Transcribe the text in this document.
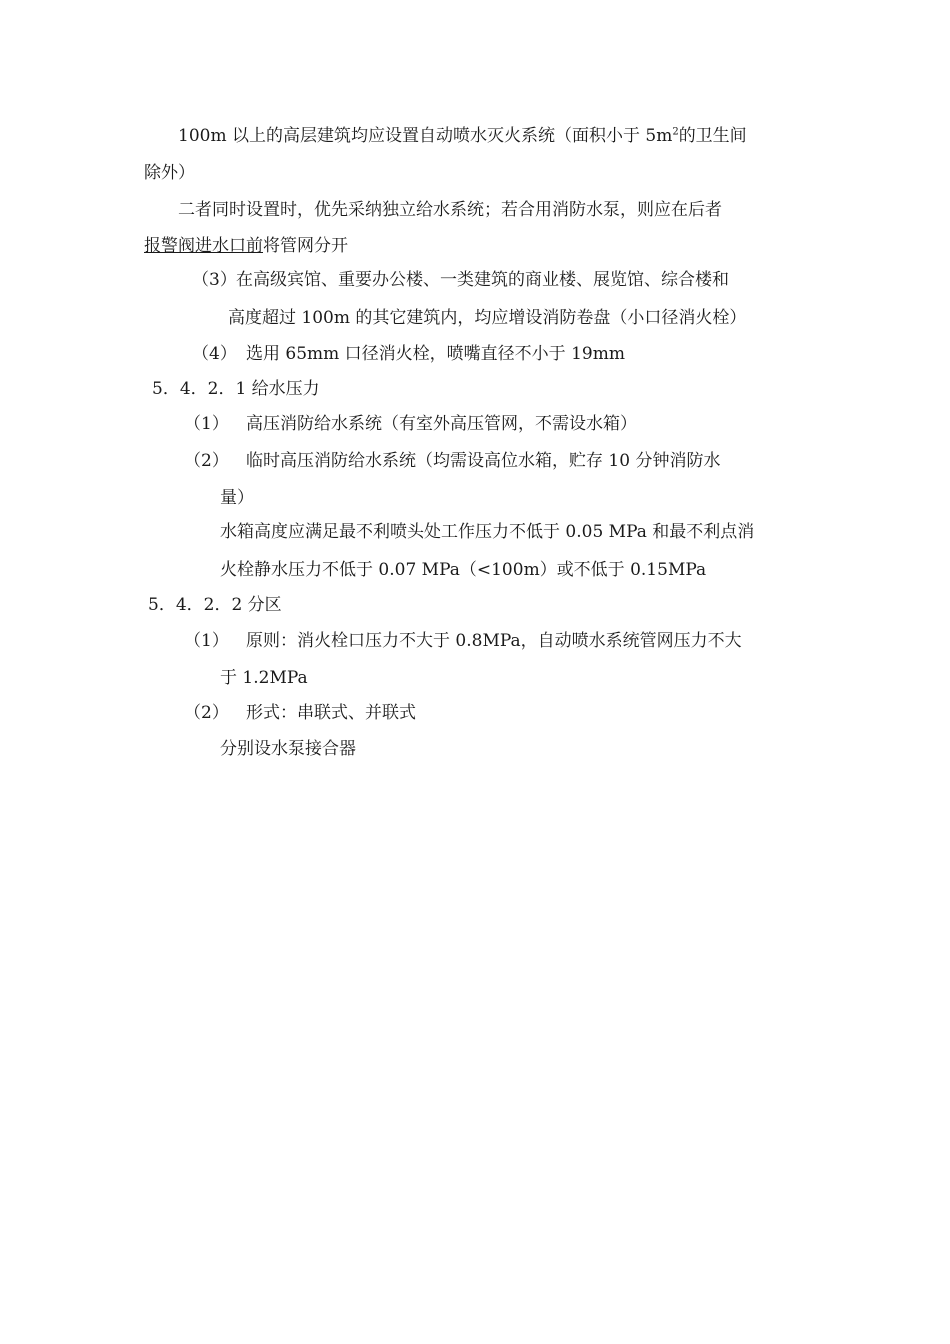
100m 以上的高层建筑均应设置自动喷水灭火系统（面积小于 $5m^2$的卫生间
除外）
二者同时设置时，优先采纳独立给水系统；若合用消防水泵，则应在后者
报警阀进水口前将管网分开
（3） 在高级宾馆、重要办公楼、一类建筑的商业楼、展览馆、综合楼和
高度超过 100m 的其它建筑内，均应增设消防卷盘（小口径消火栓）
（4） 选用 65mm 口径消火栓，喷嘴直径不小于 19mm
5．4．2．1 给水压力
（1） 高压消防给水系统（有室外高压管网，不需设水箱）
（2） 临时高压消防给水系统（均需设高位水箱，贮存 10 分钟消防水
量）
水箱高度应满足最不利喷头处工作压力不低于 0.05 MPa 和最不利点消
火栓静水压力不低于 0.07 MPa（<100m）或不低于 0.15MPa
5．4．2．2 分区
（1） 原则：消火栓口压力不大于 0.8MPa，自动喷水系统管网压力不大
于 1.2MPa
（2） 形式：串联式、并联式
分别设水泵接合器
